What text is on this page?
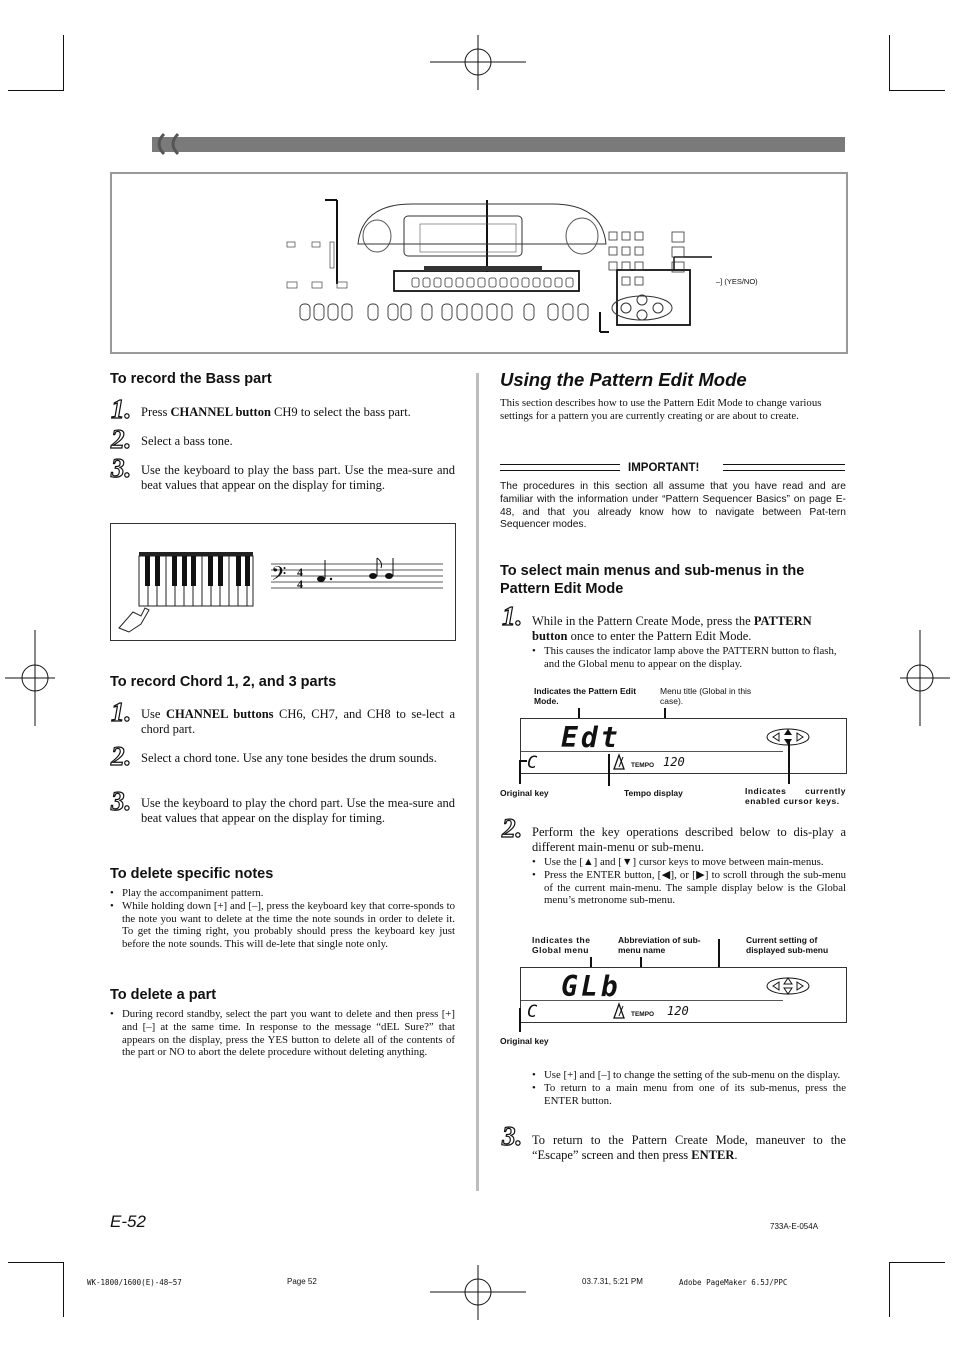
–] (YES/NO)
To record the Bass part
1. Press CHANNEL button CH9 to select the bass part.
2. Select a bass tone.
3. Use the keyboard to play the bass part. Use the mea-sure and beat values that appear on the display for timing.
𝄢 4
4
To record Chord 1, 2, and 3 parts
1. Use CHANNEL buttons CH6, CH7, and CH8 to se-lect a chord part.
2. Select a chord tone. Use any tone besides the drum sounds.
3. Use the keyboard to play the chord part. Use the mea-sure and beat values that appear on the display for timing.
To delete specific notes
• Play the accompaniment pattern.
• While holding down [+] and [–], press the keyboard key that corre-sponds to the note you want to delete at the time the note sounds in order to delete it. To get the timing right, you probably should press the keyboard key just before the note sounds. This will de-lete that single note only.
To delete a part
• During record standby, select the part you want to delete and then press [+] and [–] at the same time. In response to the message “dEL Sure?” that appears on the display, press the YES button to delete all of the contents of the part or NO to abort the delete procedure without deleting anything.
Using the Pattern Edit Mode
This section describes how to use the Pattern Edit Mode to change various settings for a pattern you are currently creating or are about to create.
IMPORTANT!
The procedures in this section all assume that you have read and are familiar with the information under “Pattern Sequencer Basics” on page E-48, and that you already know how to navigate between Pat-tern Sequencer modes.
To select main menus and sub-menus in the Pattern Edit Mode
1. While in the Pattern Create Mode, press the PATTERN button once to enter the Pattern Edit Mode.
• This causes the indicator lamp above the PATTERN button to flash, and the Global menu to appear on the display.
Indicates the Pattern Edit Mode.
Menu title (Global in this case).
Edt
C	TEMPO 120
Original key	Tempo display	Indicates currently enabled cursor keys.
2. Perform the key operations described below to dis-play a different main-menu or sub-menu.
• Use the [▲] and [▼] cursor keys to move between main-menus.
• Press the ENTER button, [◀], or [▶] to scroll through the sub-menu of the current main-menu. The sample display below is the Global menu’s metronome sub-menu.
Indicates the Global menu
Abbreviation of sub-menu name
Current setting of displayed sub-menu
GLb
C	TEMPO 120
Original key
• Use [+] and [–] to change the setting of the sub-menu on the display.
• To return to a main menu from one of its sub-menus, press the ENTER button.
3. To return to the Pattern Create Mode, maneuver to the “Escape” screen and then press ENTER.
E-52	733A-E-054A
WK-1800/1600(E)-48~57	Page 52	03.7.31, 5:21 PM	Adobe PageMaker 6.5J/PPC
